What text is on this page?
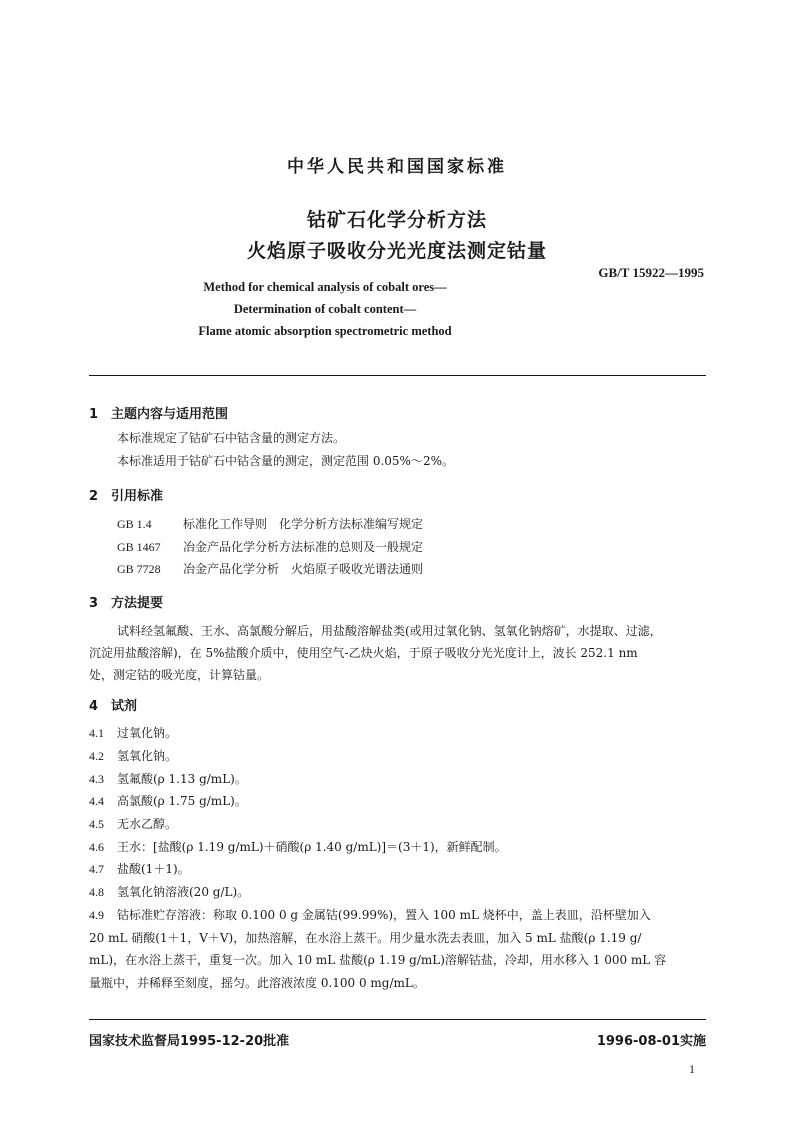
中华人民共和国国家标准
钴矿石化学分析方法
火焰原子吸收分光光度法测定钴量
GB/T 15922—1995
Method for chemical analysis of cobalt ores—
Determination of cobalt content—
Flame atomic absorption spectrometric method
1 主题内容与适用范围
本标准规定了钴矿石中钴含量的测定方法。
本标准适用于钴矿石中钴含量的测定，测定范围 0.05%～2%。
2 引用标准
GB 1.4	标准化工作导则　化学分析方法标准编写规定
GB 1467 冶金产品化学分析方法标准的总则及一般规定
GB 7728 冶金产品化学分析　火焰原子吸收光谱法通则
3 方法提要
试料经氢氟酸、王水、高氯酸分解后，用盐酸溶解盐类(或用过氧化钠、氢氧化钠熔矿，水提取、过滤，
沉淀用盐酸溶解)，在 5%盐酸介质中，使用空气-乙炔火焰，于原子吸收分光光度计上，波长 252.1 nm
处，测定钴的吸光度，计算钴量。
4 试剂
4.1 过氧化钠。
4.2 氢氧化钠。
4.3 氢氟酸(ρ 1.13 g/mL)。
4.4 高氯酸(ρ 1.75 g/mL)。
4.5 无水乙醇。
4.6 王水：[盐酸(ρ 1.19 g/mL)＋硝酸(ρ 1.40 g/mL)]＝(3＋1)，新鲜配制。
4.7 盐酸(1＋1)。
4.8 氢氧化钠溶液(20 g/L)。
4.9 钴标准贮存溶液：称取 0.100 0 g 金属钴(99.99%)，置入 100 mL 烧杯中，盖上表皿，沿杯壁加入
20 mL 硝酸(1＋1，V＋V)，加热溶解，在水浴上蒸干。用少量水洗去表皿，加入 5 mL 盐酸(ρ 1.19 g/
mL)，在水浴上蒸干，重复一次。加入 10 mL 盐酸(ρ 1.19 g/mL)溶解钴盐，冷却，用水移入 1 000 mL 容
量瓶中，并稀释至刻度，摇匀。此溶液浓度 0.100 0 mg/mL。
国家技术监督局1995-12-20批准	1996-08-01实施
1
